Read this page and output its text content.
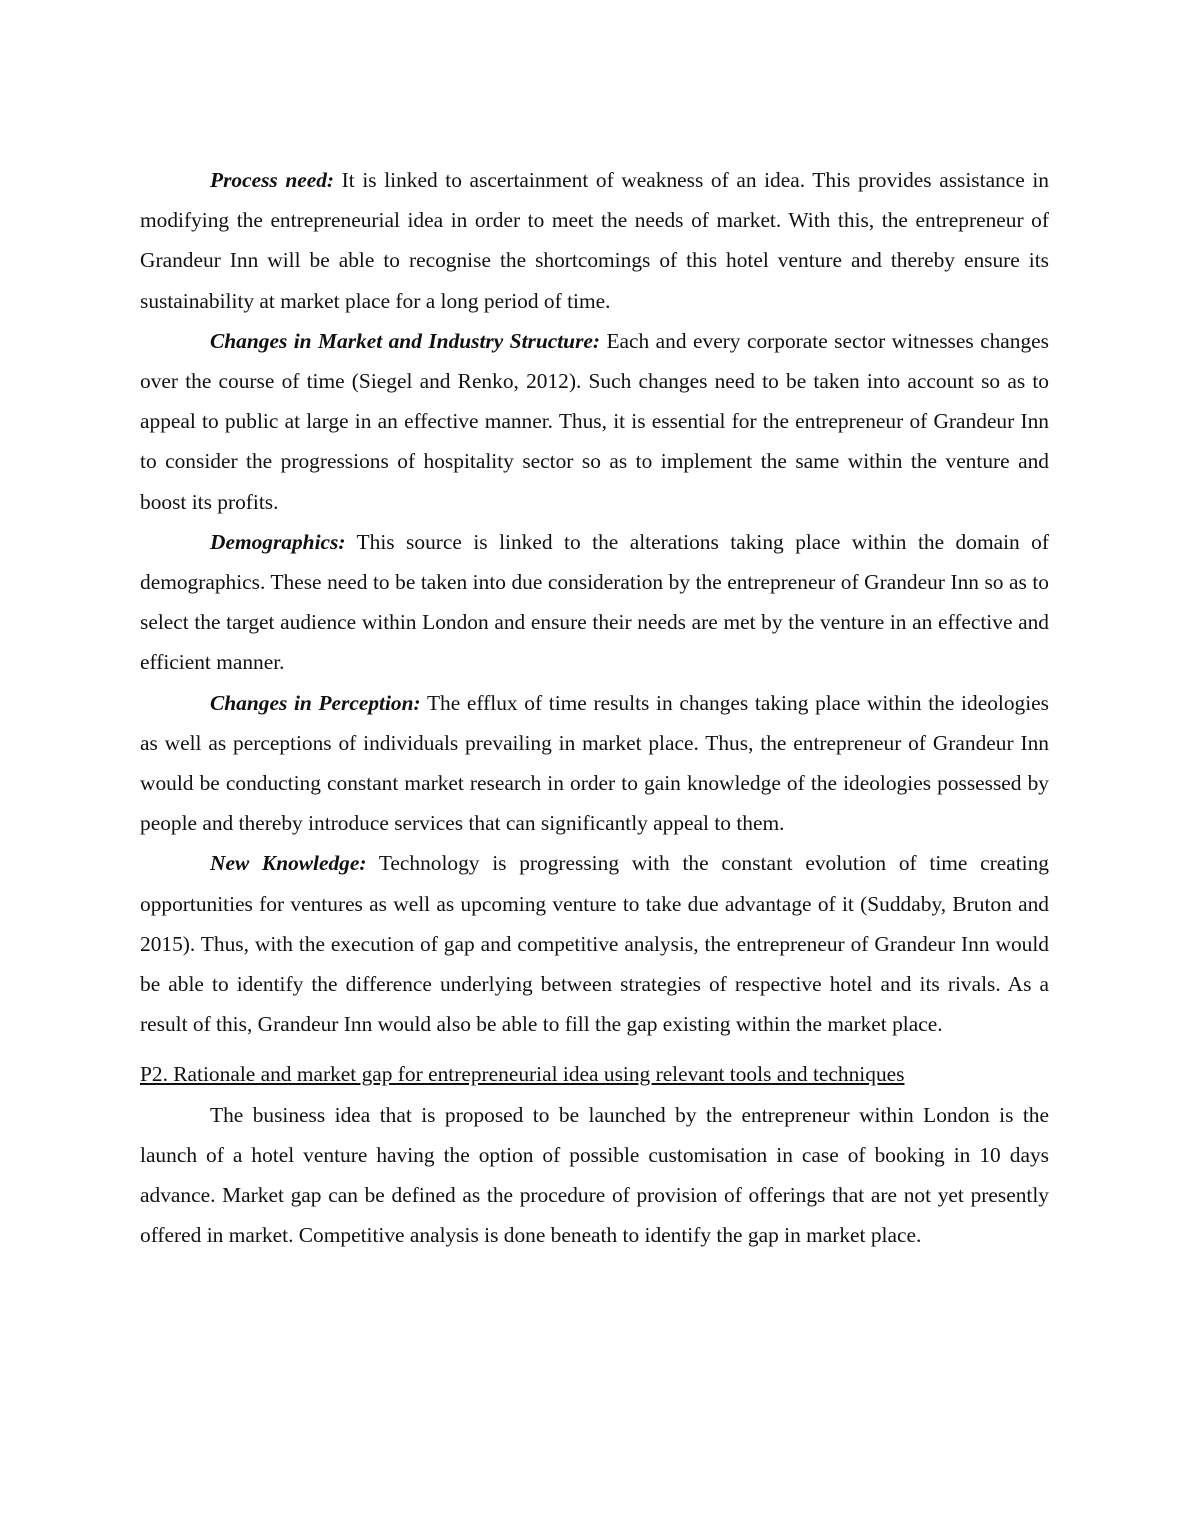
Process need: It is linked to ascertainment of weakness of an idea. This provides assistance in modifying the entrepreneurial idea in order to meet the needs of market. With this, the entrepreneur of Grandeur Inn will be able to recognise the shortcomings of this hotel venture and thereby ensure its sustainability at market place for a long period of time.

Changes in Market and Industry Structure: Each and every corporate sector witnesses changes over the course of time (Siegel and Renko, 2012). Such changes need to be taken into account so as to appeal to public at large in an effective manner. Thus, it is essential for the entrepreneur of Grandeur Inn to consider the progressions of hospitality sector so as to implement the same within the venture and boost its profits.

Demographics: This source is linked to the alterations taking place within the domain of demographics. These need to be taken into due consideration by the entrepreneur of Grandeur Inn so as to select the target audience within London and ensure their needs are met by the venture in an effective and efficient manner.

Changes in Perception: The efflux of time results in changes taking place within the ideologies as well as perceptions of individuals prevailing in market place. Thus, the entrepreneur of Grandeur Inn would be conducting constant market research in order to gain knowledge of the ideologies possessed by people and thereby introduce services that can significantly appeal to them.

New Knowledge: Technology is progressing with the constant evolution of time creating opportunities for ventures as well as upcoming venture to take due advantage of it (Suddaby, Bruton and 2015). Thus, with the execution of gap and competitive analysis, the entrepreneur of Grandeur Inn would be able to identify the difference underlying between strategies of respective hotel and its rivals. As a result of this, Grandeur Inn would also be able to fill the gap existing within the market place.

P2. Rationale and market gap for entrepreneurial idea using relevant tools and techniques

The business idea that is proposed to be launched by the entrepreneur within London is the launch of a hotel venture having the option of possible customisation in case of booking in 10 days advance. Market gap can be defined as the procedure of provision of offerings that are not yet presently offered in market. Competitive analysis is done beneath to identify the gap in market place.
